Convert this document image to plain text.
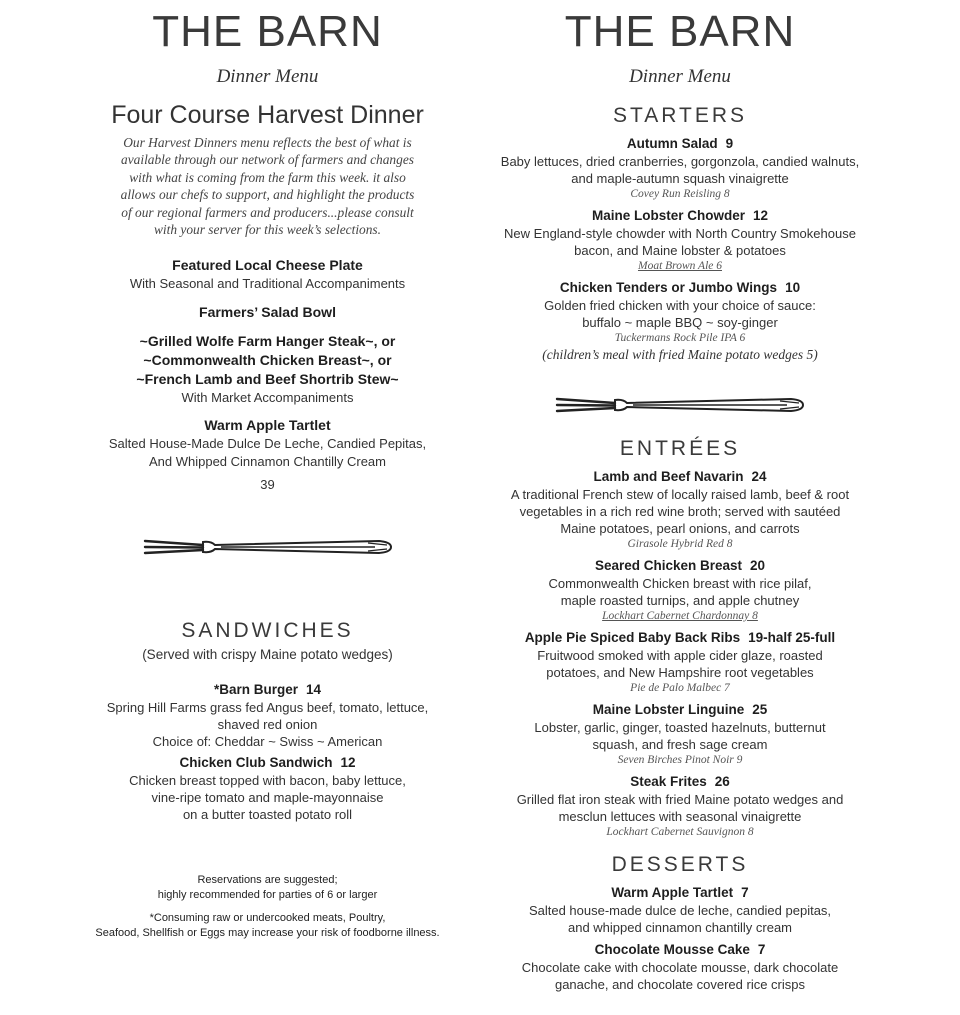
THE BARN
Dinner Menu
Four Course Harvest Dinner
Our Harvest Dinners menu reflects the best of what is
available through our network of farmers and changes
with what is coming from the farm this week. it also
allows our chefs to support, and highlight the products
of our regional farmers and producers...please consult
with your server for this week’s selections.
Featured Local Cheese Plate
With Seasonal and Traditional Accompaniments
Farmers’ Salad Bowl
~Grilled Wolfe Farm Hanger Steak~, or
~Commonwealth Chicken Breast~, or
~French Lamb and Beef Shortrib Stew~
With Market Accompaniments
Warm Apple Tartlet
Salted House-Made Dulce De Leche, Candied Pepitas,
And Whipped Cinnamon Chantilly Cream
39
SANDWICHES
(Served with crispy Maine potato wedges)
*Barn Burger 14
Spring Hill Farms grass fed Angus beef, tomato, lettuce,
shaved red onion
Choice of: Cheddar ~ Swiss ~ American
Chicken Club Sandwich 12
Chicken breast topped with bacon, baby lettuce,
vine-ripe tomato and maple-mayonnaise
on a butter toasted potato roll
Reservations are suggested;
highly recommended for parties of 6 or larger
*Consuming raw or undercooked meats, Poultry,
Seafood, Shellfish or Eggs may increase your risk of foodborne illness.
THE BARN
Dinner Menu
STARTERS
Autumn Salad 9
Baby lettuces, dried cranberries, gorgonzola, candied walnuts,
and maple-autumn squash vinaigrette
Covey Run Reisling 8
Maine Lobster Chowder 12
New England-style chowder with North Country Smokehouse
bacon, and Maine lobster & potatoes
Moat Brown Ale 6
Chicken Tenders or Jumbo Wings 10
Golden fried chicken with your choice of sauce:
buffalo ~ maple BBQ ~ soy-ginger
Tuckermans Rock Pile IPA 6
(children’s meal with fried Maine potato wedges 5)
ENTRÉES
Lamb and Beef Navarin 24
A traditional French stew of locally raised lamb, beef & root
vegetables in a rich red wine broth; served with sautéed
Maine potatoes, pearl onions, and carrots
Girasole Hybrid Red 8
Seared Chicken Breast 20
Commonwealth Chicken breast with rice pilaf,
maple roasted turnips, and apple chutney
Lockhart Cabernet Chardonnay 8
Apple Pie Spiced Baby Back Ribs 19-half 25-full
Fruitwood smoked with apple cider glaze, roasted
potatoes, and New Hampshire root vegetables
Pie de Palo Malbec 7
Maine Lobster Linguine 25
Lobster, garlic, ginger, toasted hazelnuts, butternut
squash, and fresh sage cream
Seven Birches Pinot Noir 9
Steak Frites 26
Grilled flat iron steak with fried Maine potato wedges and
mesclun lettuces with seasonal vinaigrette
Lockhart Cabernet Sauvignon 8
DESSERTS
Warm Apple Tartlet 7
Salted house-made dulce de leche, candied pepitas,
and whipped cinnamon chantilly cream
Chocolate Mousse Cake 7
Chocolate cake with chocolate mousse, dark chocolate
ganache, and chocolate covered rice crisps
